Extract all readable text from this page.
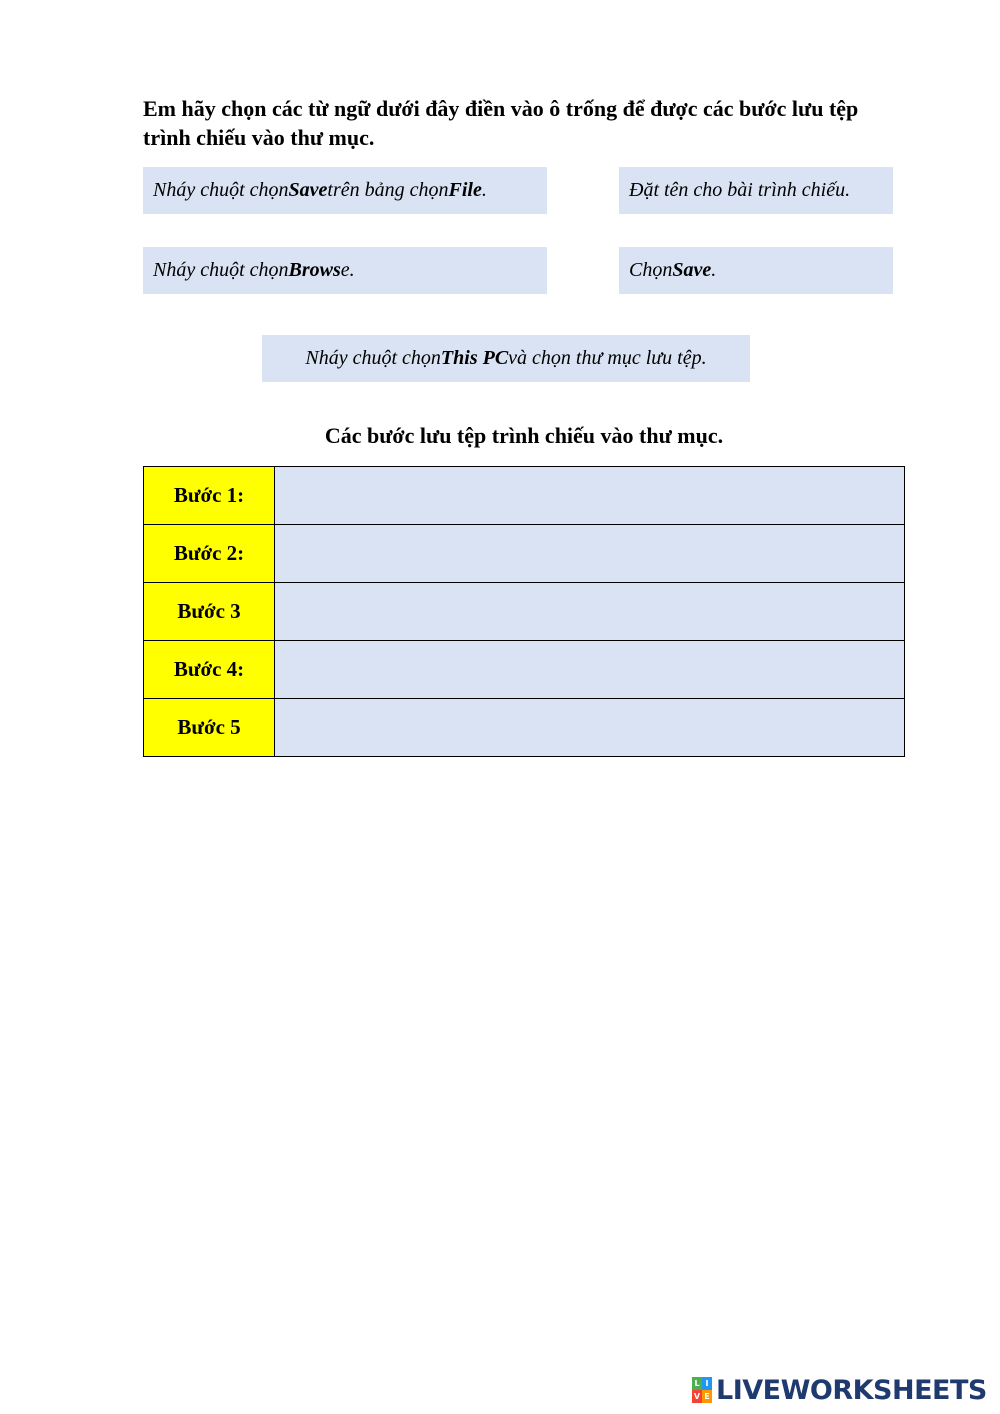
Em hãy chọn các từ ngữ dưới đây điền vào ô trống để được các bước lưu tệp trình chiếu vào thư mục.

Nháy chuột chọn Save trên bảng chọn File .	Đặt tên cho bài trình chiếu.
Nháy chuột chọn Brows e.	Chọn Save .
Nháy chuột chọn This PC và chọn thư mục lưu tệp.

Các bước lưu tệp trình chiếu vào thư mục.

Bước 1:	
Bước 2:	
Bước 3	
Bước 4:	
Bước 5	
L I
V E LIVEWORKSHEETS
